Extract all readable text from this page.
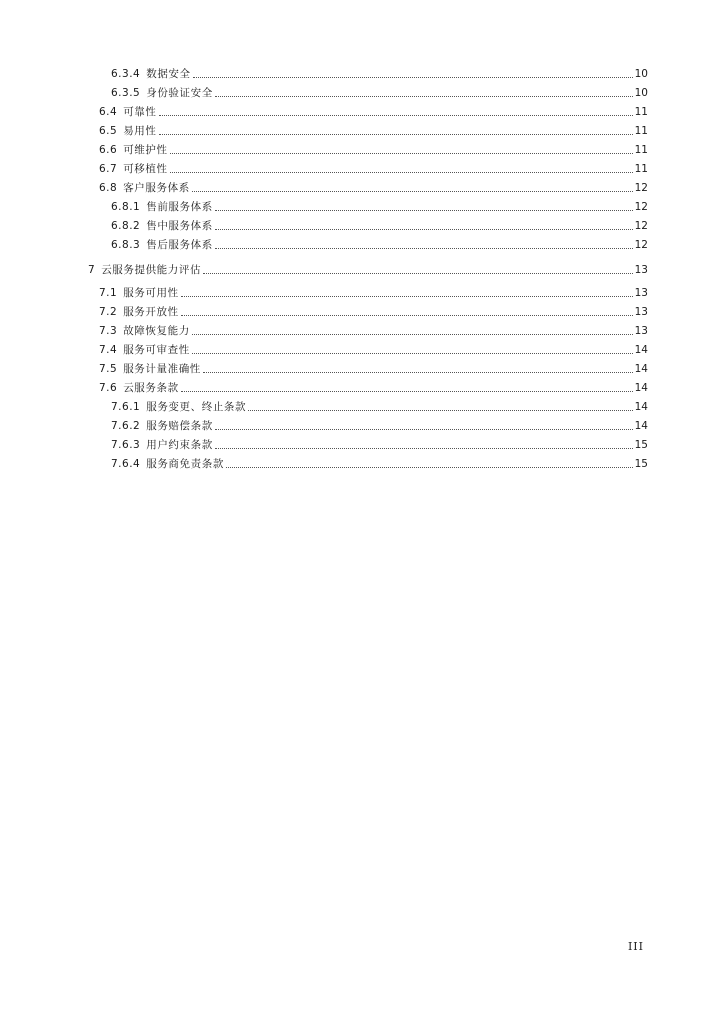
6.3.4 数据安全	10
6.3.5 身份验证安全	10
6.4 可靠性	11
6.5 易用性	11
6.6 可维护性	11
6.7 可移植性	11
6.8 客户服务体系	12
6.8.1 售前服务体系	12
6.8.2 售中服务体系	12
6.8.3 售后服务体系	12
7 云服务提供能力评估	13
7.1 服务可用性	13
7.2 服务开放性	13
7.3 故障恢复能力	13
7.4 服务可审查性	14
7.5 服务计量准确性	14
7.6 云服务条款	14
7.6.1 服务变更、终止条款	14
7.6.2 服务赔偿条款	14
7.6.3 用户约束条款	15
7.6.4 服务商免责条款	15
III
